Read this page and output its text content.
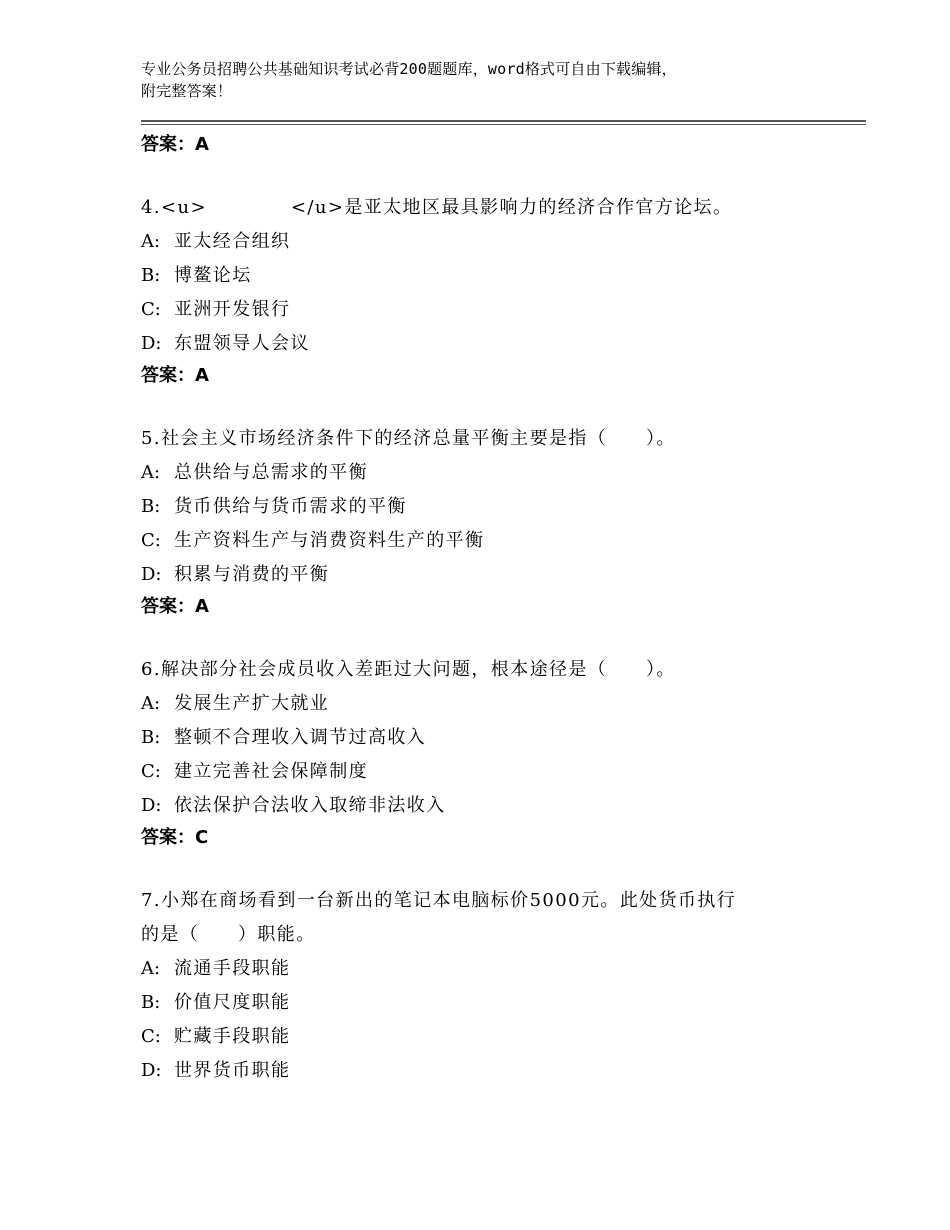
专业公务员招聘公共基础知识考试必背200题题库，word格式可自由下载编辑，
附完整答案！
答案：A
4.<u>	</u>是亚太地区最具影响力的经济合作官方论坛。
A: 亚太经合组织
B: 博鳌论坛
C: 亚洲开发银行
D: 东盟领导人会议
答案：A
5.社会主义市场经济条件下的经济总量平衡主要是指（　　）。
A: 总供给与总需求的平衡
B: 货币供给与货币需求的平衡
C: 生产资料生产与消费资料生产的平衡
D: 积累与消费的平衡
答案：A
6.解决部分社会成员收入差距过大问题，根本途径是（　　）。
A: 发展生产扩大就业
B: 整顿不合理收入调节过高收入
C: 建立完善社会保障制度
D: 依法保护合法收入取缔非法收入
答案：C
7.小郑在商场看到一台新出的笔记本电脑标价5000元。此处货币执行
的是（　　）职能。
A: 流通手段职能
B: 价值尺度职能
C: 贮藏手段职能
D: 世界货币职能
